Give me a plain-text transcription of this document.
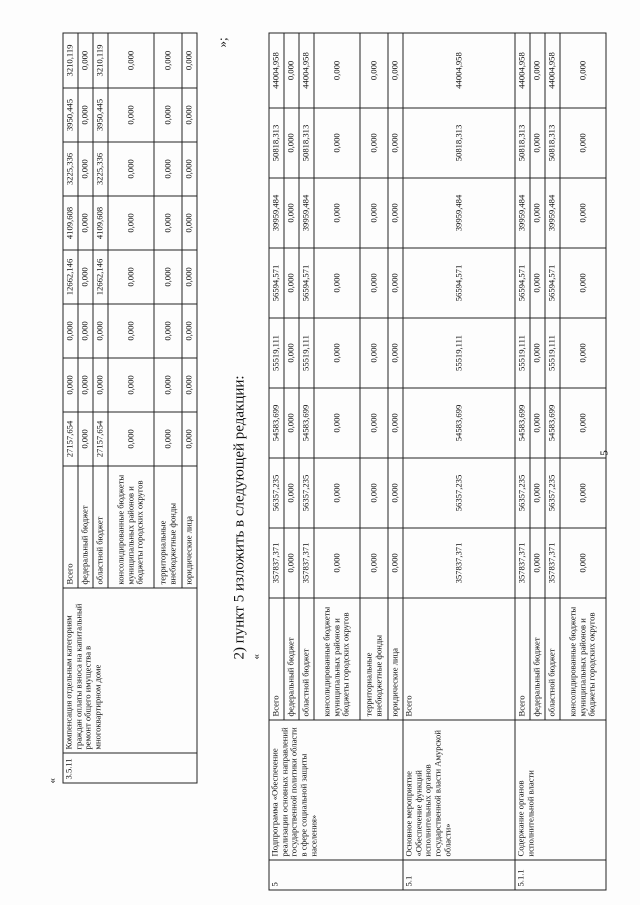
5
«
3.5.11	Компенсация отдельным категориям граждан оплаты взноса на капитальный ремонт общего имущества в многоквартирном доме	Всего	27157,654	0,000	0,000	12662,146	4109,608	3225,336	3950,445	3210,119
		федеральный бюджет	0,000	0,000	0,000	0,000	0,000	0,000	0,000	0,000
		областной бюджет	27157,654	0,000	0,000	12662,146	4109,608	3225,336	3950,445	3210,119
		консолидированные бюджеты муниципальных районов и бюджеты городских округов	0,000	0,000	0,000	0,000	0,000	0,000	0,000	0,000
		территориальные внебюджетные фонды	0,000	0,000	0,000	0,000	0,000	0,000	0,000	0,000
		юридические лица	0,000	0,000	0,000	0,000	0,000	0,000	0,000	0,000
»;
2) пункт 5 изложить в следующей редакции: «
5	Подпрограмма «Обеспечение реализации основных направлений государственной политики области в сфере социальной защиты населения»	Всего	357837,371	56357,235	54583,699	55519,111	56594,571	39959,484	50818,313	44004,958
		федеральный бюджет	0,000	0,000	0,000	0,000	0,000	0,000	0,000	0,000
		областной бюджет	357837,371	56357,235	54583,699	55519,111	56594,571	39959,484	50818,313	44004,958
		консолидированные бюджеты муниципальных районов и бюджеты городских округов	0,000	0,000	0,000	0,000	0,000	0,000	0,000	0,000
		территориальные внебюджетные фонды	0,000	0,000	0,000	0,000	0,000	0,000	0,000	0,000
		юридические лица	0,000	0,000	0,000	0,000	0,000	0,000	0,000	0,000
5.1	Основное мероприятие «Обеспечение функций исполнительных органов государственной власти Амурской области»	Всего	357837,371	56357,235	54583,699	55519,111	56594,571	39959,484	50818,313	44004,958
5.1.1	Содержание органов исполнительной власти	Всего	357837,371	56357,235	54583,699	55519,111	56594,571	39959,484	50818,313	44004,958
		федеральный бюджет	0,000	0,000	0,000	0,000	0,000	0,000	0,000	0,000
		областной бюджет	357837,371	56357,235	54583,699	55519,111	56594,571	39959,484	50818,313	44004,958
		консолидированные бюджеты муниципальных районов и бюджеты городских округов	0,000	0,000	0,000	0,000	0,000	0,000	0,000	0,000
